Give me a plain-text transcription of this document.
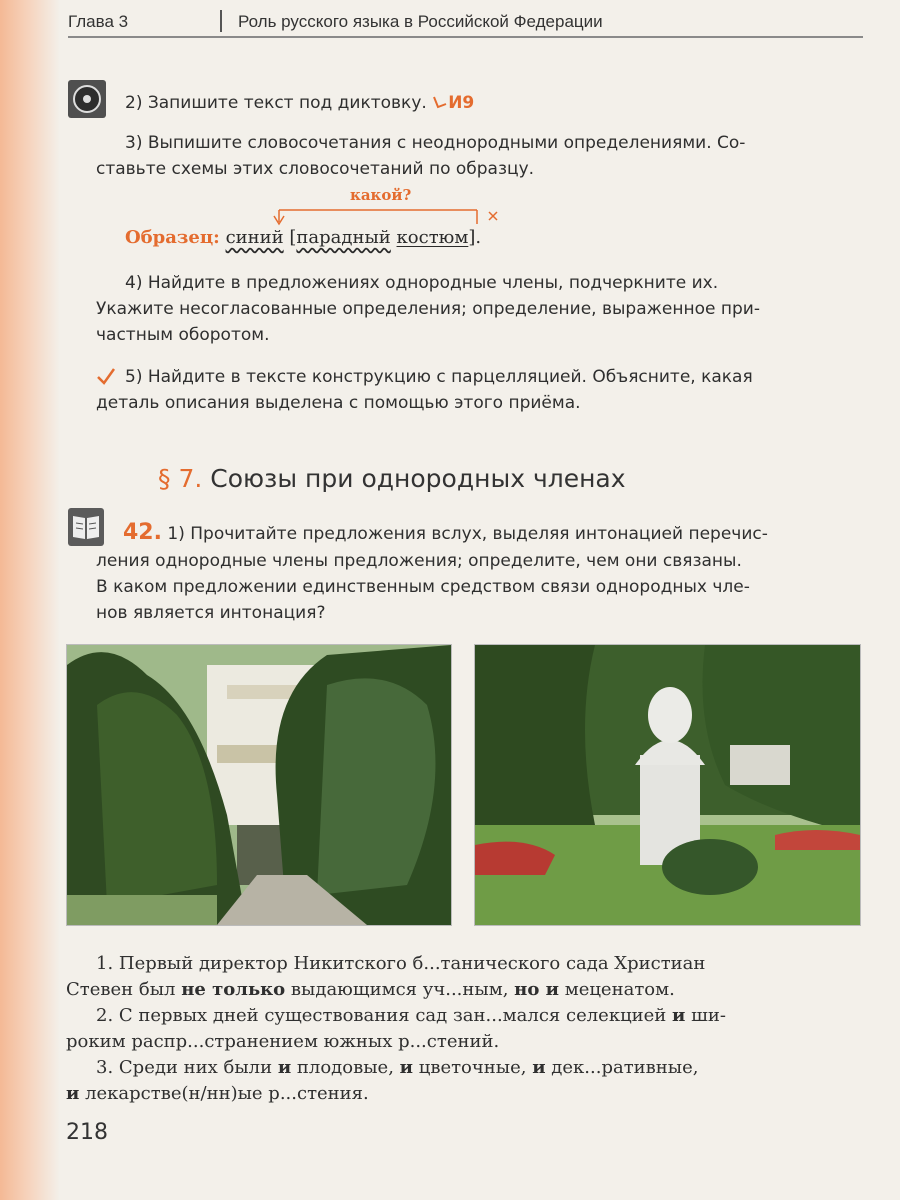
Глава 3	Роль русского языка в Российской Федерации
2) Запишите текст под диктовку. И9
3) Выпишите словосочетания с неоднородными определениями. Со-
ставьте схемы этих словосочетаний по образцу.
какой?
Образец: синий [парадный костюм].
4) Найдите в предложениях однородные члены, подчеркните их.
Укажите несогласованные определения; определение, выраженное при-
частным оборотом.
5) Найдите в тексте конструкцию с парцелляцией. Объясните, какая
деталь описания выделена с помощью этого приёма.
§ 7. Союзы при однородных членах
42. 1) Прочитайте предложения вслух, выделяя интонацией перечис-
ления однородные члены предложения; определите, чем они связаны.
В каком предложении единственным средством связи однородных чле-
нов является интонация?
1. Первый директор Никитского б...танического сада Христиан
Стевен был не только выдающимся уч...ным, но и меценатом.
2. С первых дней существования сад зан...мался селекцией и ши-
роким распр...странением южных р...стений.
3. Среди них были и плодовые, и цветочные, и дек...ративные,
и лекарстве(н/нн)ые р...стения.
218
